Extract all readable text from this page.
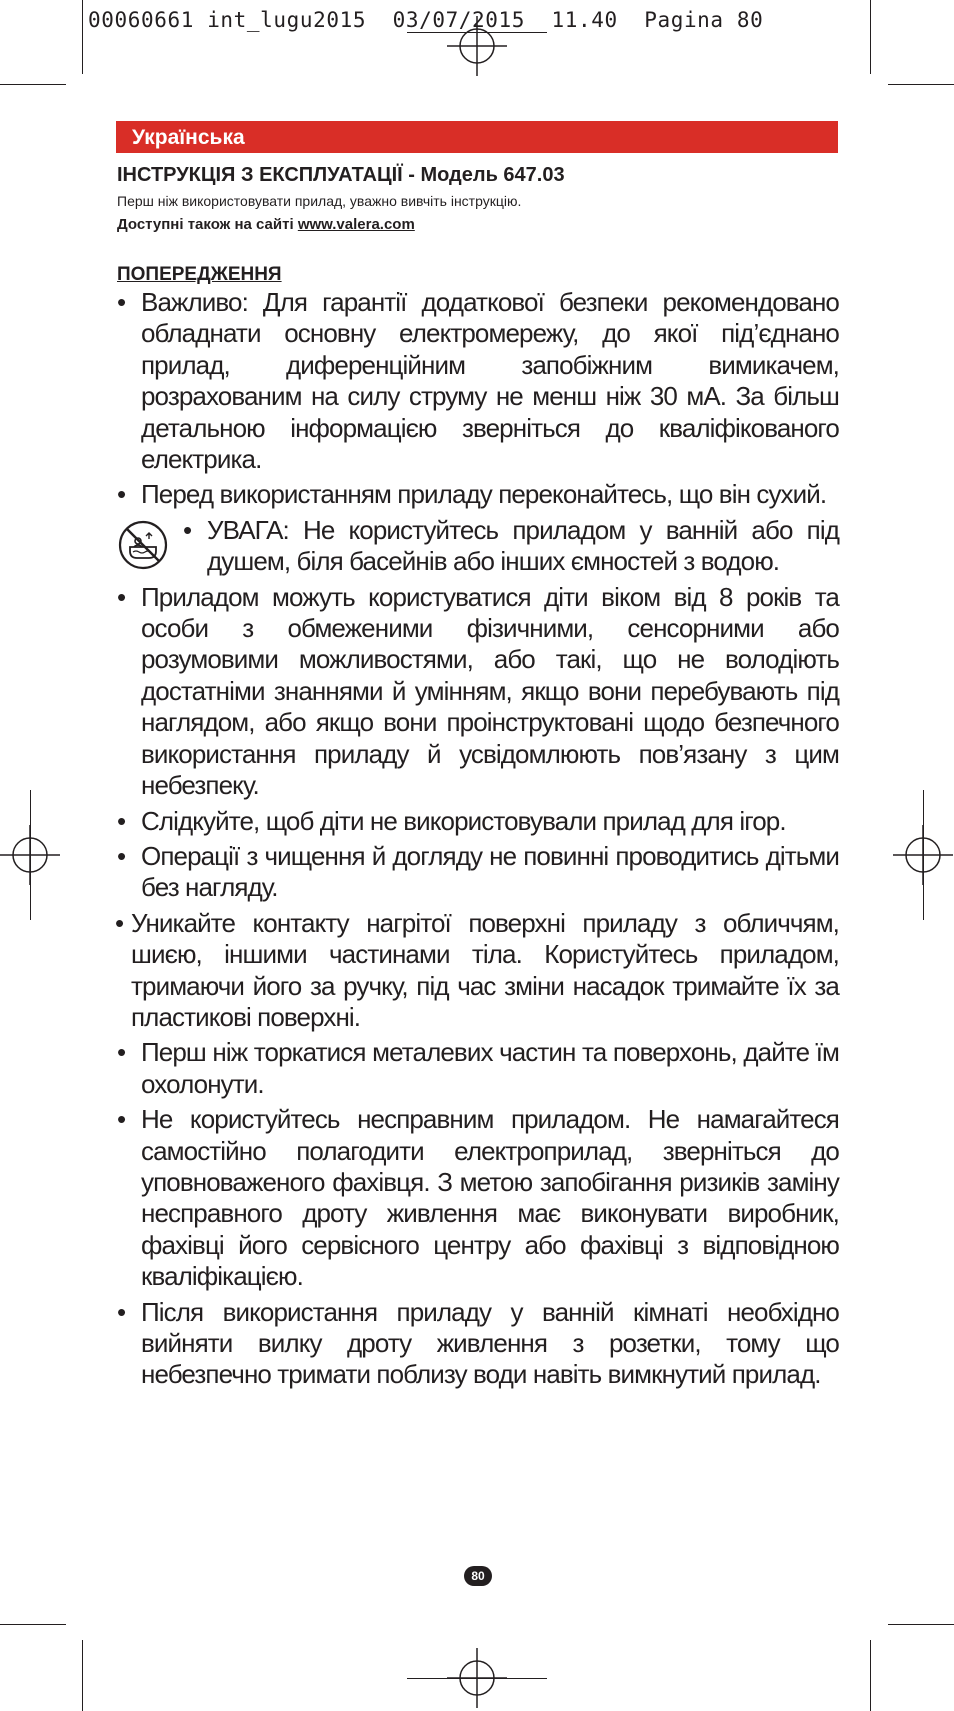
00060661 int_lugu2015  03/07/2015  11.40  Pagina 80
Українська

ІНСТРУКЦІЯ З ЕКСПЛУАТАЦІЇ - Модель 647.03

Перш ніж використовувати прилад, уважно вивчіть інструкцію.

Доступні також на сайті www.valera.com

ПОПЕРЕДЖЕННЯ

• Важливо: Для гарантії додаткової безпеки рекомендовано обладнати основну електромережу, до якої під’єднано прилад, диференційним запобіжним вимикачем, розрахованим на силу струму не менш ніж 30 мА. За більш детальною інформацією зверніться до кваліфікованого електрика.
• Перед використанням приладу переконайтесь, що він сухий.
• УВАГА: Не користуйтесь приладом у ванній або під душем, біля басейнів або інших ємностей з водою.
• Приладом можуть користуватися діти віком від 8 років та особи з обмеженими фізичними, сенсорними або розумовими можливостями, або такі, що не володіють достатніми знаннями й умінням, якщо вони перебувають під наглядом, або якщо вони проінструктовані щодо безпечного використання приладу й усвідомлюють пов’язану з цим небезпеку.
• Слідкуйте, щоб діти не використовували прилад для ігор.
• Операції з чищення й догляду не повинні проводитись дітьми без нагляду.
• Уникайте контакту нагрітої поверхні приладу з обличчям, шиєю, іншими частинами тіла. Користуйтесь приладом, тримаючи його за ручку, під час зміни насадок тримайте їх за пластикові поверхні.
• Перш ніж торкатися металевих частин та поверхонь, дайте їм охолонути.
• Не користуйтесь несправним приладом. Не намагайтеся самостійно полагодити електроприлад, зверніться до уповноваженого фахівця. З метою запобігання ризиків заміну несправного дроту живлення має виконувати виробник, фахівці його сервісного центру або фахівці з відповідною кваліфікацією.
• Після використання приладу у ванній кімнаті необхідно вийняти вилку дроту живлення з розетки, тому що небезпечно тримати поблизу води навіть вимкнутий прилад.
80
